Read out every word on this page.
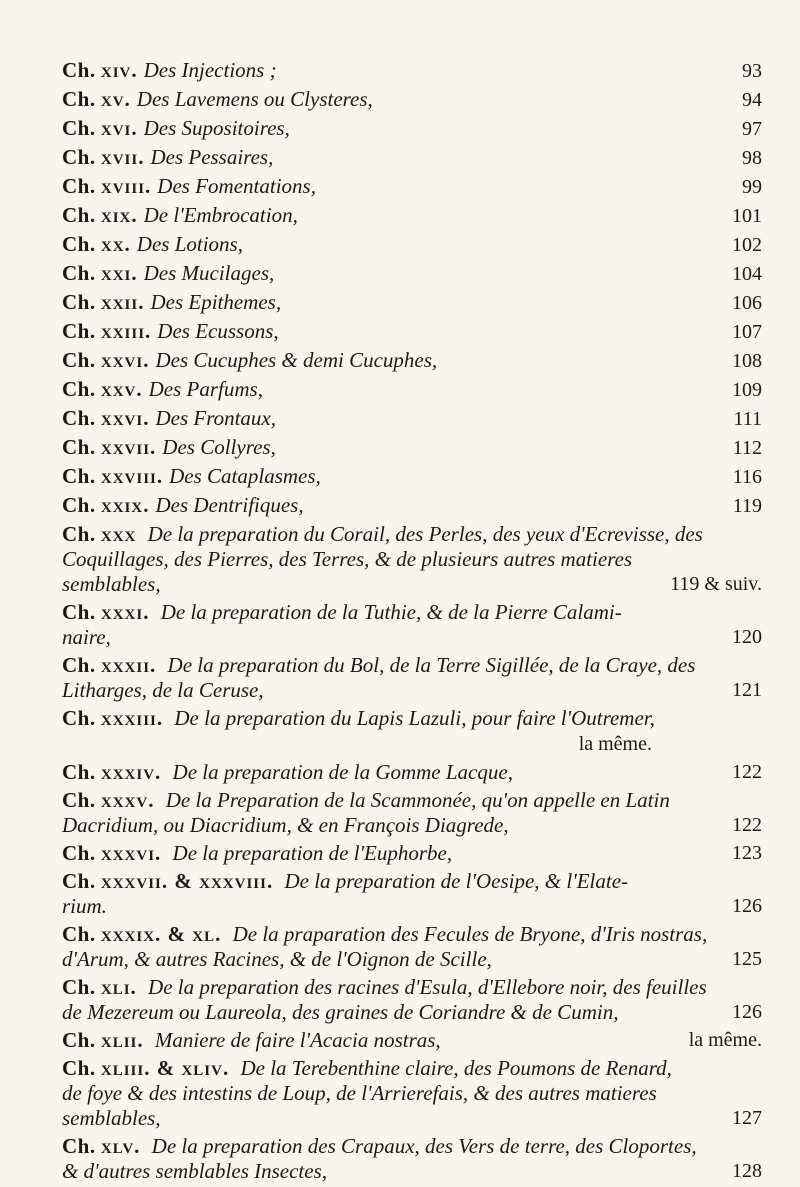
Ch. xiv. Des Injections ;	93
Ch. xv. Des Lavemens ou Clysteres,	94
Ch. xvi. Des Supositoires,	97
Ch. xvii. Des Pessaires,	98
Ch. xviii. Des Fomentations,	99
Ch. xix. De l'Embrocation,	101
Ch. xx. Des Lotions,	102
Ch. xxi. Des Mucilages,	104
Ch. xxii. Des Epithemes,	106
Ch. xxiii. Des Ecussons,	107
Ch. xxvi. Des Cucuphes & demi Cucuphes,	108
Ch. xxv. Des Parfums,	109
Ch. xxvi. Des Frontaux,	111
Ch. xxvii. Des Collyres,	112
Ch. xxviii. Des Cataplasmes,	116
Ch. xxix. Des Dentrifiques,	119
Ch. xxx De la preparation du Corail, des Perles, des yeux d'Ecrevisse, des
Coquillages, des Pierres, des Terres, & de plusieurs autres matieres
semblables,	119 & suiv.
Ch. xxxi. De la preparation de la Tuthie, & de la Pierre Calami-
naire,	120
Ch. xxxii. De la preparation du Bol, de la Terre Sigillée, de la Craye, des
Litharges, de la Ceruse,	121
Ch. xxxiii. De la preparation du Lapis Lazuli, pour faire l'Outremer,
la même.
Ch. xxxiv. De la preparation de la Gomme Lacque,	122
Ch. xxxv. De la Preparation de la Scammonée, qu'on appelle en Latin
Dacridium, ou Diacridium, & en François Diagrede,	122
Ch. xxxvi. De la preparation de l'Euphorbe,	123
Ch. xxxvii. & xxxviii. De la preparation de l'Oesipe, & l'Elate-
rium.	126
Ch. xxxix. & xl. De la praparation des Fecules de Bryone, d'Iris nostras,
d'Arum, & autres Racines, & de l'Oignon de Scille,	125
Ch. xli. De la preparation des racines d'Esula, d'Ellebore noir, des feuilles
de Mezereum ou Laureola, des graines de Coriandre & de Cumin,	126
Ch. xlii. Maniere de faire l'Acacia nostras,	la même.
Ch. xliii. & xliv. De la Terebenthine claire, des Poumons de Renard,
de foye & des intestins de Loup, de l'Arrierefais, & des autres matieres
semblables,	127
Ch. xlv. De la preparation des Crapaux, des Vers de terre, des Cloportes,
& d'autres semblables Insectes,	128
